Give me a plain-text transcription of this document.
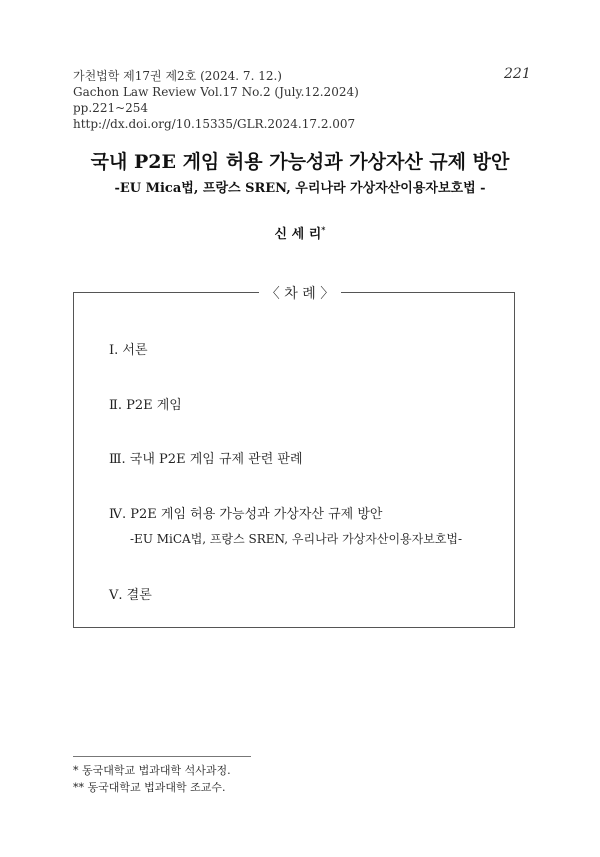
가천법학 제17권 제2호 (2024. 7. 12.)
Gachon Law Review Vol.17 No.2 (July.12.2024)
pp.221~254
http://dx.doi.org/10.15335/GLR.2024.17.2.007
221
국내 P2E 게임 허용 가능성과 가상자산 규제 방안
-EU Mica법, 프랑스 SREN, 우리나라 가상자산이용자보호법 -
신 세 리*
〈 차 례 〉
Ⅰ. 서론
Ⅱ. P2E 게임
Ⅲ. 국내 P2E 게임 규제 관련 판례
Ⅳ. P2E 게임 허용 가능성과 가상자산 규제 방안
-EU MiCA법, 프랑스 SREN, 우리나라 가상자산이용자보호법-
Ⅴ. 결론
* 동국대학교 법과대학 석사과정.
** 동국대학교 법과대학 조교수.
